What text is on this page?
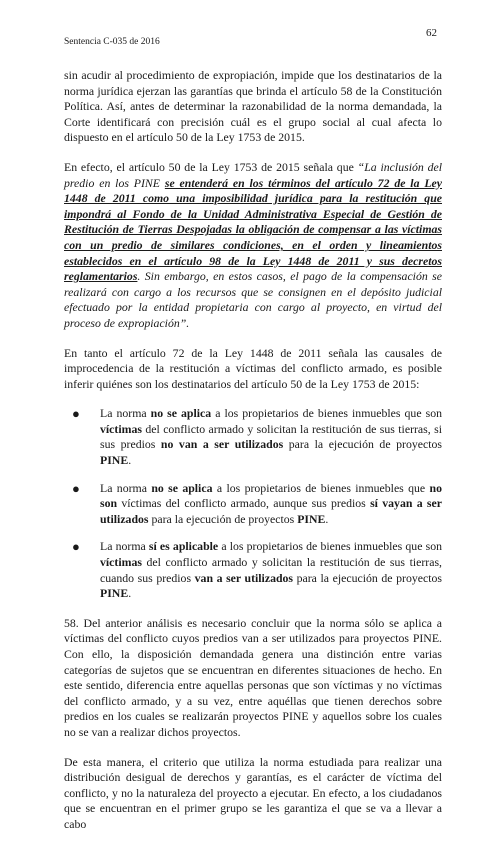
Sentencia C-035 de 2016
62

sin acudir al procedimiento de expropiación, impide que los destinatarios de la norma jurídica ejerzan las garantías que brinda el artículo 58 de la Constitución Política. Así, antes de determinar la razonabilidad de la norma demandada, la Corte identificará con precisión cuál es el grupo social al cual afecta lo dispuesto en el artículo 50 de la Ley 1753 de 2015.

En efecto, el artículo 50 de la Ley 1753 de 2015 señala que “La inclusión del predio en los PINE se entenderá en los términos del artículo 72 de la Ley 1448 de 2011 como una imposibilidad jurídica para la restitución que impondrá al Fondo de la Unidad Administrativa Especial de Gestión de Restitución de Tierras Despojadas la obligación de compensar a las víctimas con un predio de similares condiciones, en el orden y lineamientos establecidos en el artículo 98 de la Ley 1448 de 2011 y sus decretos reglamentarios. Sin embargo, en estos casos, el pago de la compensación se realizará con cargo a los recursos que se consignen en el depósito judicial efectuado por la entidad propietaria con cargo al proyecto, en virtud del proceso de expropiación”.

En tanto el artículo 72 de la Ley 1448 de 2011 señala las causales de improcedencia de la restitución a víctimas del conflicto armado, es posible inferir quiénes son los destinatarios del artículo 50 de la Ley 1753 de 2015:

● La norma no se aplica a los propietarios de bienes inmuebles que son víctimas del conflicto armado y solicitan la restitución de sus tierras, si sus predios no van a ser utilizados para la ejecución de proyectos PINE.
● La norma no se aplica a los propietarios de bienes inmuebles que no son víctimas del conflicto armado, aunque sus predios sí vayan a ser utilizados para la ejecución de proyectos PINE.
● La norma sí es aplicable a los propietarios de bienes inmuebles que son víctimas del conflicto armado y solicitan la restitución de sus tierras, cuando sus predios van a ser utilizados para la ejecución de proyectos PINE.

58. Del anterior análisis es necesario concluir que la norma sólo se aplica a víctimas del conflicto cuyos predios van a ser utilizados para proyectos PINE. Con ello, la disposición demandada genera una distinción entre varias categorías de sujetos que se encuentran en diferentes situaciones de hecho. En este sentido, diferencia entre aquellas personas que son víctimas y no víctimas del conflicto armado, y a su vez, entre aquéllas que tienen derechos sobre predios en los cuales se realizarán proyectos PINE y aquellos sobre los cuales no se van a realizar dichos proyectos.

De esta manera, el criterio que utiliza la norma estudiada para realizar una distribución desigual de derechos y garantías, es el carácter de víctima del conflicto, y no la naturaleza del proyecto a ejecutar. En efecto, a los ciudadanos que se encuentran en el primer grupo se les garantiza el que se va a llevar a cabo
